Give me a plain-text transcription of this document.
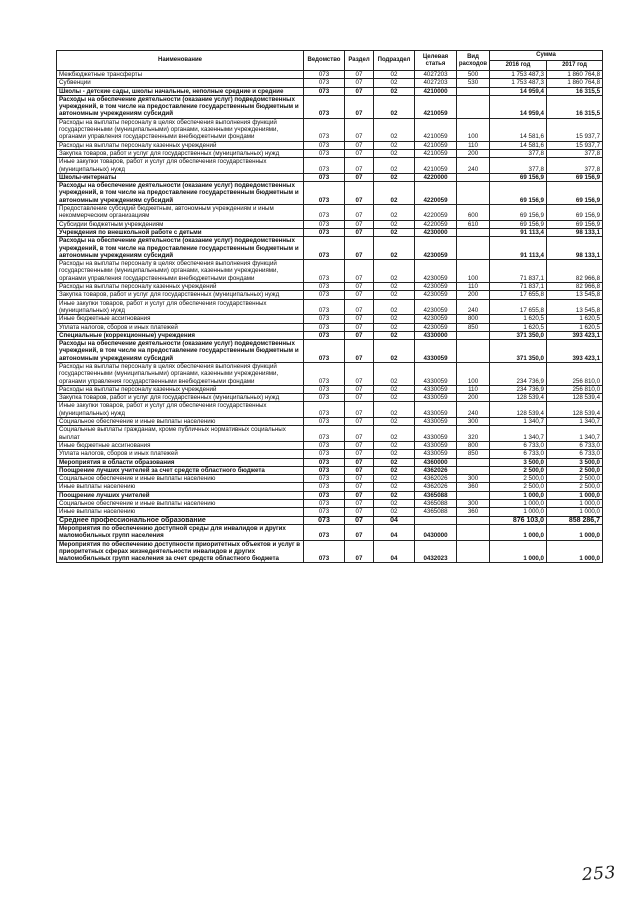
Наименование	Ведомство	Раздел	Подраздел	Целевая статья	Вид расходов	Сумма	
						2016 год	2017 год
Межбюджетные трансферты	073	07	02	4027203	500	1 753 487,3	1 860 764,8
Субвенции	073	07	02	4027203	530	1 753 487,3	1 860 764,8
Школы - детские сады, школы начальные, неполные средние и средние	073	07	02	4210000		14 959,4	16 315,5
Расходы на обеспечение деятельности (оказание услуг) подведомственных учреждений, в том числе на предоставление государственным бюджетным и автономным учреждениям субсидий	073	07	02	4210059		14 959,4	16 315,5
Расходы на выплаты персоналу в целях обеспечения выполнения функций государственными (муниципальными) органами, казенными учреждениями, органами управления государственными внебюджетными фондами	073	07	02	4210059	100	14 581,6	15 937,7
Расходы на выплаты персоналу казенных учреждений	073	07	02	4210059	110	14 581,6	15 937,7
Закупка товаров, работ и услуг для государственных (муниципальных) нужд	073	07	02	4210059	200	377,8	377,8
Иные закупки товаров, работ и услуг для обеспечения государственных (муниципальных) нужд	073	07	02	4210059	240	377,8	377,8
Школы-интернаты	073	07	02	4220000		69 156,9	69 156,9
Расходы на обеспечение деятельности (оказание услуг) подведомственных учреждений, в том числе на предоставление государственным бюджетным и автономным учреждениям субсидий	073	07	02	4220059		69 156,9	69 156,9
Предоставление субсидий бюджетным, автономным учреждениям и иным некоммерческим организациям	073	07	02	4220059	600	69 156,9	69 156,9
Субсидии бюджетным учреждениям	073	07	02	4220059	610	69 156,9	69 156,9
Учреждения по внешкольной работе с детьми	073	07	02	4230000		91 113,4	98 133,1
Расходы на обеспечение деятельности (оказание услуг) подведомственных учреждений, в том числе на предоставление государственным бюджетным и автономным учреждениям субсидий	073	07	02	4230059		91 113,4	98 133,1
Расходы на выплаты персоналу в целях обеспечения выполнения функций государственными (муниципальными) органами, казенными учреждениями, органами управления государственными внебюджетными фондами	073	07	02	4230059	100	71 837,1	82 966,8
Расходы на выплаты персоналу казенных учреждений	073	07	02	4230059	110	71 837,1	82 966,8
Закупка товаров, работ и услуг для государственных (муниципальных) нужд	073	07	02	4230059	200	17 655,8	13 545,8
Иные закупки товаров, работ и услуг для обеспечения государственных (муниципальных) нужд	073	07	02	4230059	240	17 655,8	13 545,8
Иные бюджетные ассигнования	073	07	02	4230059	800	1 620,5	1 620,5
Уплата налогов, сборов и иных платежей	073	07	02	4230059	850	1 620,5	1 620,5
Специальные (коррекционные) учреждения	073	07	02	4330000		371 350,0	393 423,1
Расходы на обеспечение деятельности (оказание услуг) подведомственных учреждений, в том числе на предоставление государственным бюджетным и автономным учреждениям субсидий	073	07	02	4330059		371 350,0	393 423,1
Расходы на выплаты персоналу в целях обеспечения выполнения функций государственными (муниципальными) органами, казенными учреждениями, органами управления государственными внебюджетными фондами	073	07	02	4330059	100	234 736,9	256 810,0
Расходы на выплаты персоналу казенных учреждений	073	07	02	4330059	110	234 736,9	256 810,0
Закупка товаров, работ и услуг для государственных (муниципальных) нужд	073	07	02	4330059	200	128 539,4	128 539,4
Иные закупки товаров, работ и услуг для обеспечения государственных (муниципальных) нужд	073	07	02	4330059	240	128 539,4	128 539,4
Социальное обеспечение и иные выплаты населению	073	07	02	4330059	300	1 340,7	1 340,7
Социальные выплаты гражданам, кроме публичных нормативных социальных выплат	073	07	02	4330059	320	1 340,7	1 340,7
Иные бюджетные ассигнования	073	07	02	4330059	800	6 733,0	6 733,0
Уплата налогов, сборов и иных платежей	073	07	02	4330059	850	6 733,0	6 733,0
Мероприятия в области образования	073	07	02	4360000		3 500,0	3 500,0
Поощрение лучших учителей за счет средств областного бюджета	073	07	02	4362026		2 500,0	2 500,0
Социальное обеспечение и иные выплаты населению	073	07	02	4362026	300	2 500,0	2 500,0
Иные выплаты населению	073	07	02	4362026	360	2 500,0	2 500,0
Поощрение лучших учителей	073	07	02	4365088		1 000,0	1 000,0
Социальное обеспечение и иные выплаты населению	073	07	02	4365088	300	1 000,0	1 000,0
Иные выплаты населению	073	07	02	4365088	360	1 000,0	1 000,0
Среднее профессиональное образование	073	07	04			876 103,0	858 286,7
Мероприятия по обеспечению доступной среды для инвалидов и других маломобильных групп населения	073	07	04	0430000		1 000,0	1 000,0
Мероприятия по обеспечению доступности приоритетных объектов и услуг в приоритетных сферах жизнедеятельности инвалидов и других маломобильных групп населения за счет средств областного бюджета	073	07	04	0432023		1 000,0	1 000,0
253
